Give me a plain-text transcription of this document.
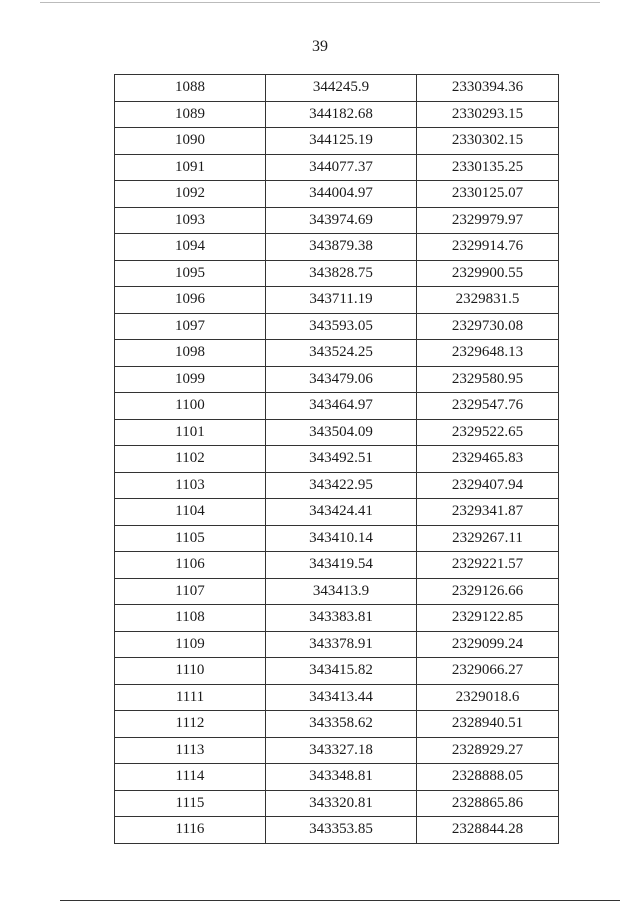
39
1088	344245.9	2330394.36
1089	344182.68	2330293.15
1090	344125.19	2330302.15
1091	344077.37	2330135.25
1092	344004.97	2330125.07
1093	343974.69	2329979.97
1094	343879.38	2329914.76
1095	343828.75	2329900.55
1096	343711.19	2329831.5
1097	343593.05	2329730.08
1098	343524.25	2329648.13
1099	343479.06	2329580.95
1100	343464.97	2329547.76
1101	343504.09	2329522.65
1102	343492.51	2329465.83
1103	343422.95	2329407.94
1104	343424.41	2329341.87
1105	343410.14	2329267.11
1106	343419.54	2329221.57
1107	343413.9	2329126.66
1108	343383.81	2329122.85
1109	343378.91	2329099.24
1110	343415.82	2329066.27
1111	343413.44	2329018.6
1112	343358.62	2328940.51
1113	343327.18	2328929.27
1114	343348.81	2328888.05
1115	343320.81	2328865.86
1116	343353.85	2328844.28
